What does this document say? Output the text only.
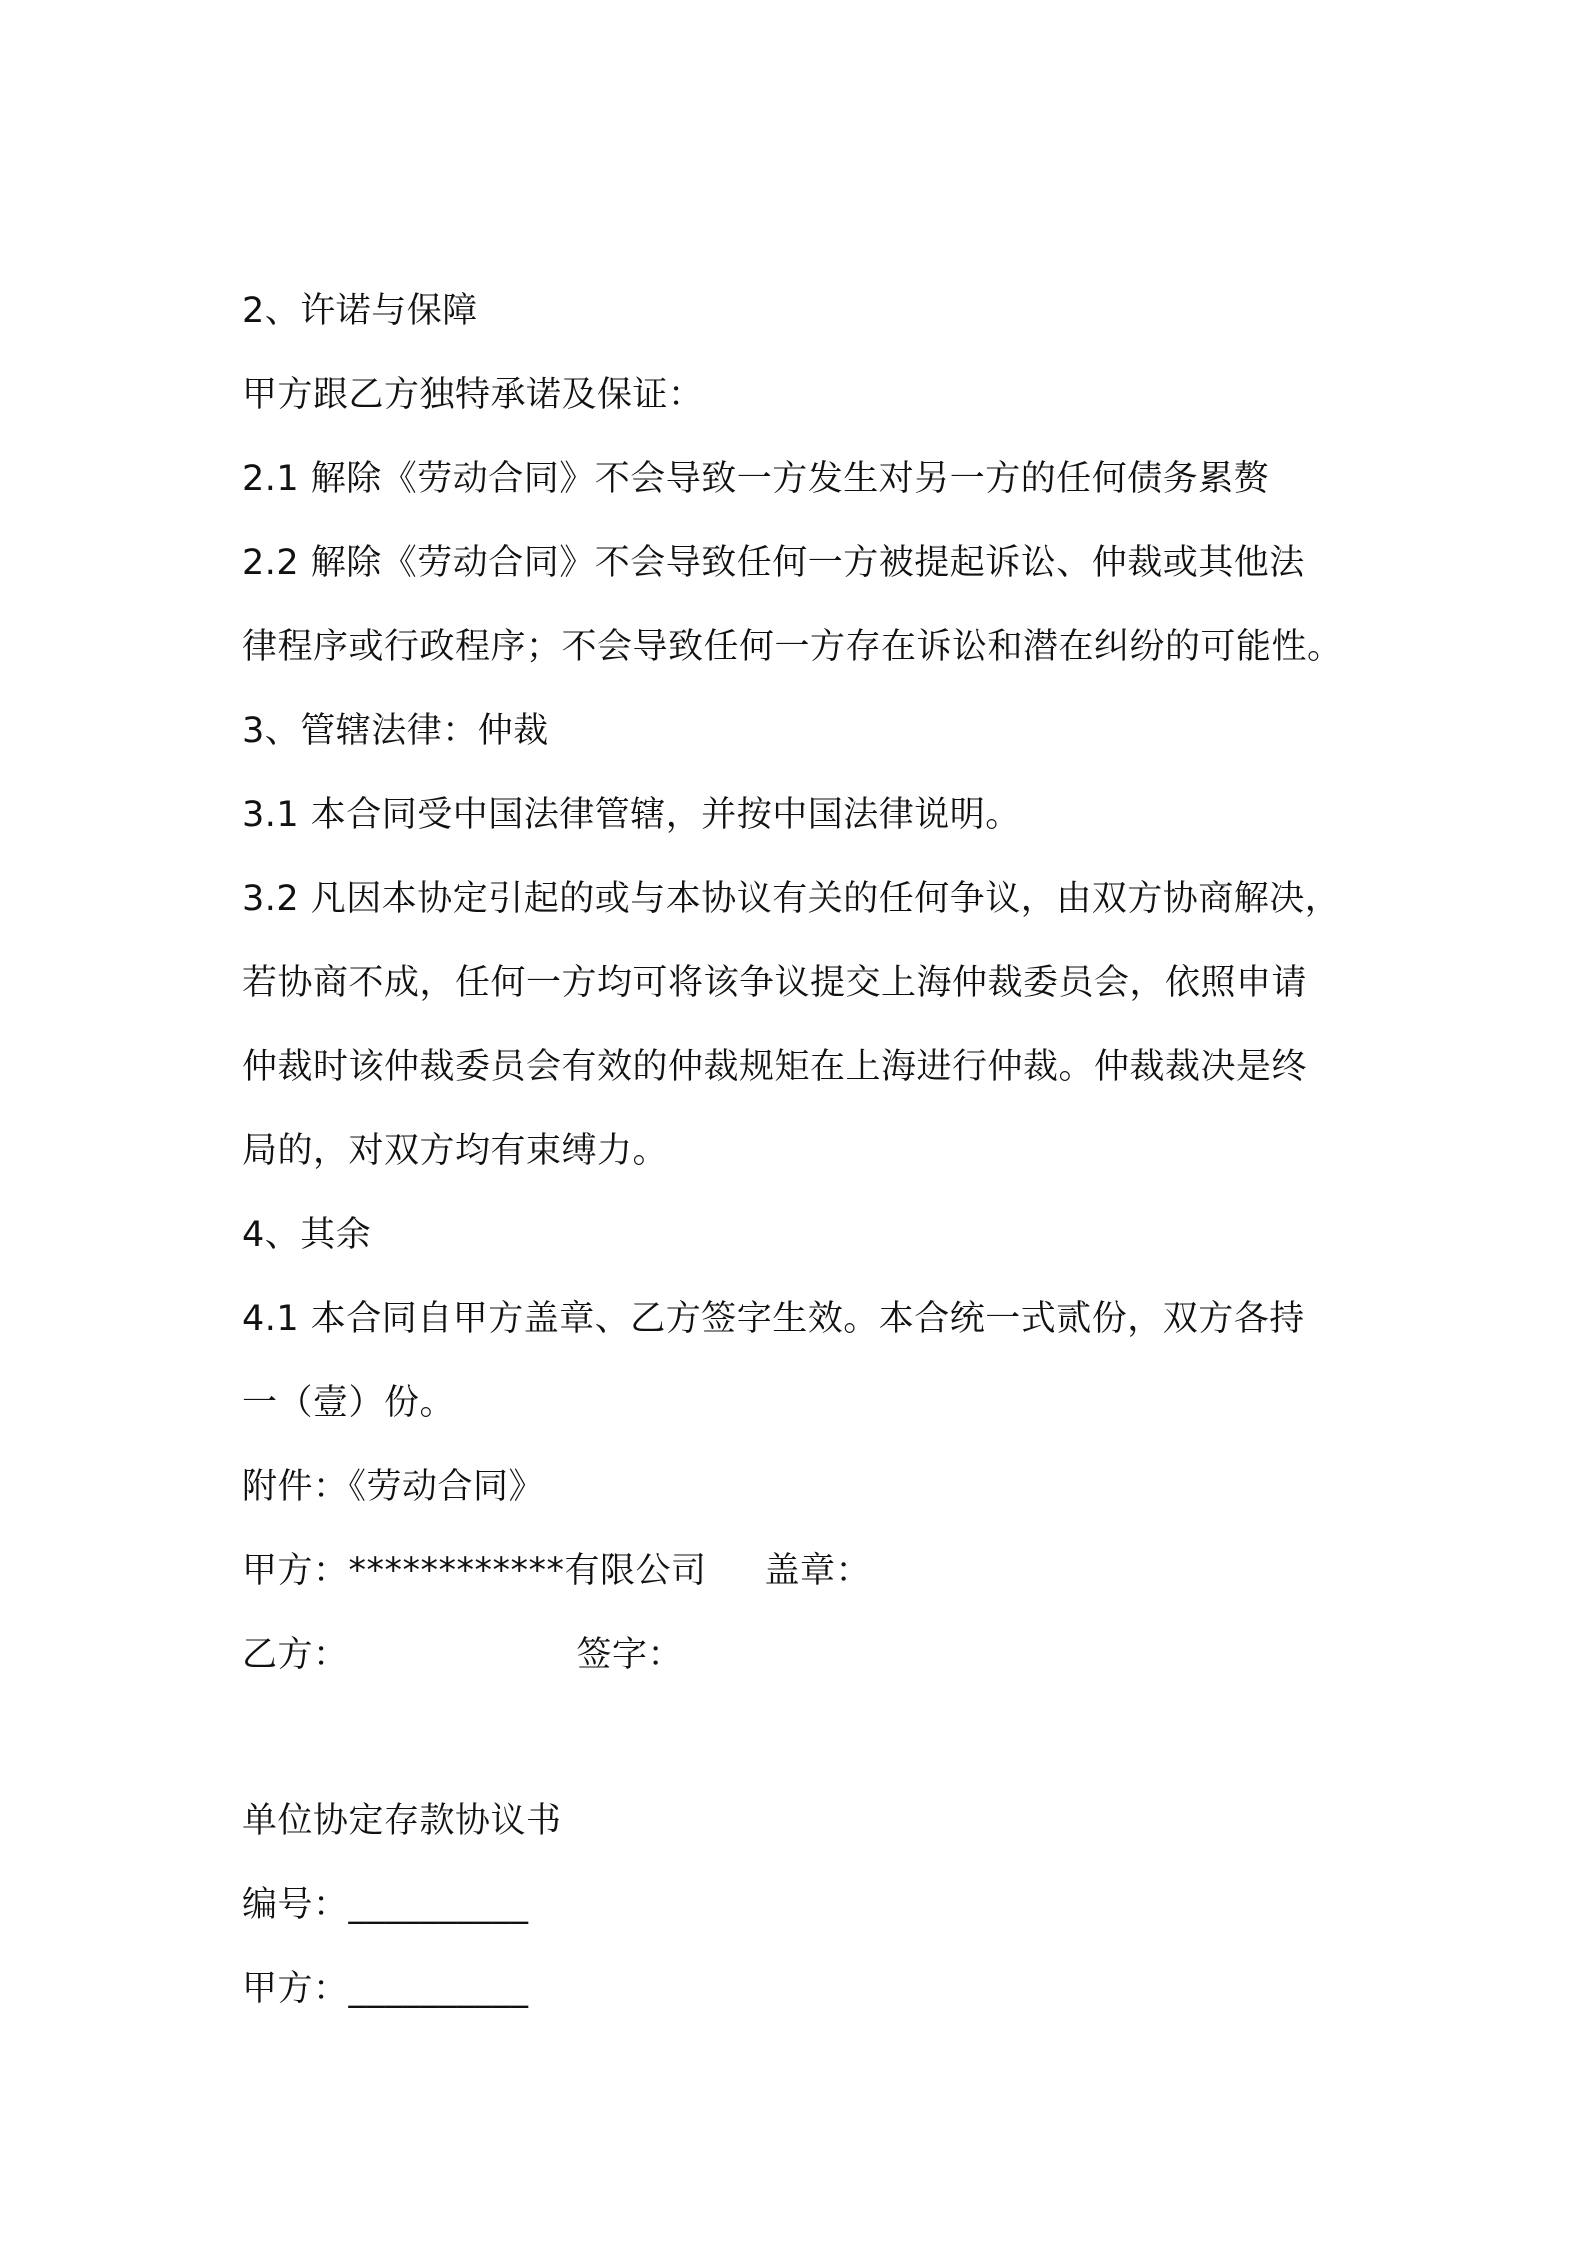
2、许诺与保障
甲方跟乙方独特承诺及保证：
2.1 解除《劳动合同》不会导致一方发生对另一方的任何债务累赘
2.2 解除《劳动合同》不会导致任何一方被提起诉讼、仲裁或其他法
律程序或行政程序；不会导致任何一方存在诉讼和潜在纠纷的可能性。
3、管辖法律：仲裁
3.1 本合同受中国法律管辖，并按中国法律说明。
3.2 凡因本协定引起的或与本协议有关的任何争议，由双方协商解决，
若协商不成，任何一方均可将该争议提交上海仲裁委员会，依照申请
仲裁时该仲裁委员会有效的仲裁规矩在上海进行仲裁。仲裁裁决是终
局的，对双方均有束缚力。
4、其余
4.1 本合同自甲方盖章、乙方签字生效。本合统一式贰份，双方各持
一（壹）份。
附件：《劳动合同》
甲方：************有限公司 盖章：
乙方：	签字：
单位协定存款协议书
编号：__________
甲方：__________
